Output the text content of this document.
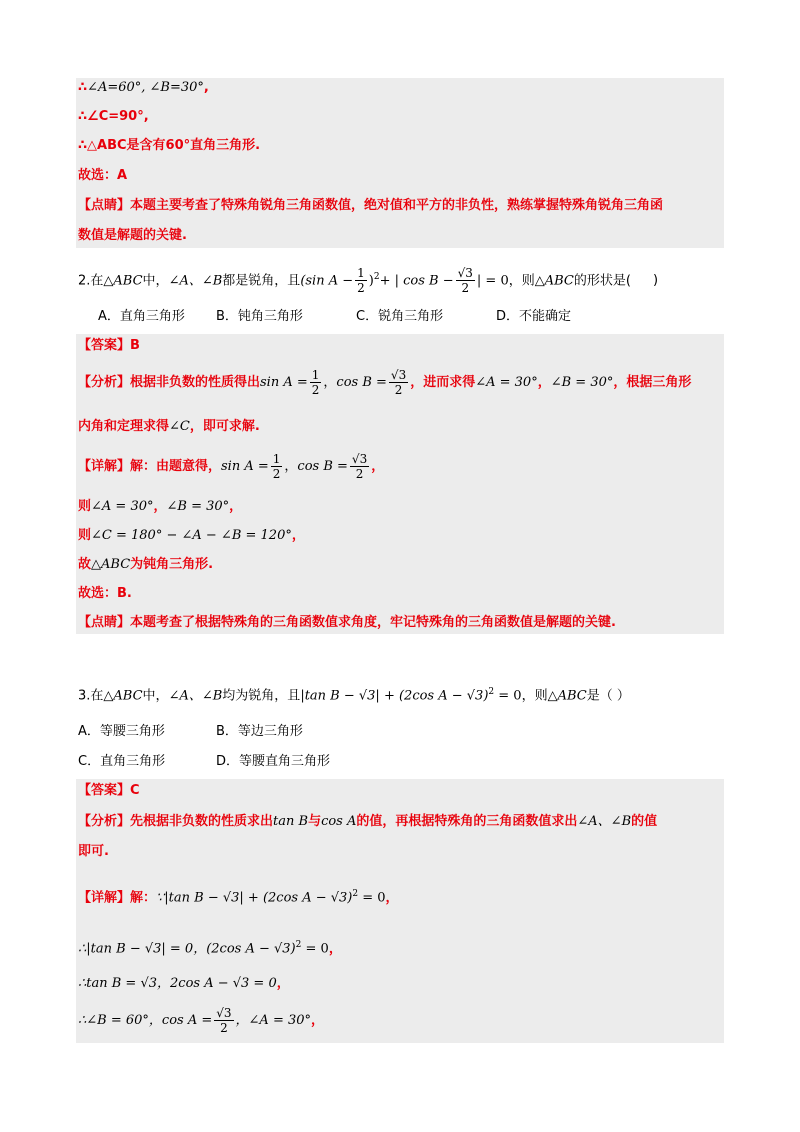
∴∠A=60°, ∠B=30°,
∴∠C=90°,
∴△ABC是含有60°直角三角形.
故选：A
【点睛】本题主要考查了特殊角锐角三角函数值，绝对值和平方的非负性，熟练掌握特殊角锐角三角函
数值是解题的关键.
2.在△ABC中，∠A、∠B都是锐角，且(sin $A - \frac{1}{2} )^2+$ | $\cos B - \frac{√3}{2}$ | = 0，则△ABC的形状是( )
A．直角三角形 B．钝角三角形	C．锐角三角形	D．不能确定
【答案】B
【分析】根据非负数的性质得出$\sin A = \frac{1}{2}$ ，$\cos B = \frac{√3}{2}$ ，进而求得∠A = 30°，∠B = 30°，根据三角形
内角和定理求得∠C，即可求解.
【详解】解：由题意得，$\sin A = \frac{1}{2}$ ，$\cos B = \frac{√3}{2}$ ，
则∠A = 30°，∠B = 30°，
则∠C = 180° − ∠A − ∠B = 120°，
故△ABC为钝角三角形.
故选：B.
【点睛】本题考查了根据特殊角的三角函数值求角度，牢记特殊角的三角函数值是解题的关键.
3.在△ABC中，∠A、∠B均为锐角，且|tan B − √3| + (2cos A − √3)$^2$ = 0，则△ABC是（ ）
A．等腰三角形	B．等边三角形
C．直角三角形	D．等腰直角三角形
【答案】C
【分析】先根据非负数的性质求出tan B与cos A的值，再根据特殊角的三角函数值求出∠A、∠B的值
即可.
【详解】解：∵|tan B − √3| + (2cos A − √3)$^2$ = 0，
∴|tan B − √3| = 0，(2cos A − √3)$^2$ = 0，
∴tan B = √3，2cos A − √3 = 0，
∴∠B = 60°，$\cos A = \frac{√3}{2}$ ，∠A = 30°，
